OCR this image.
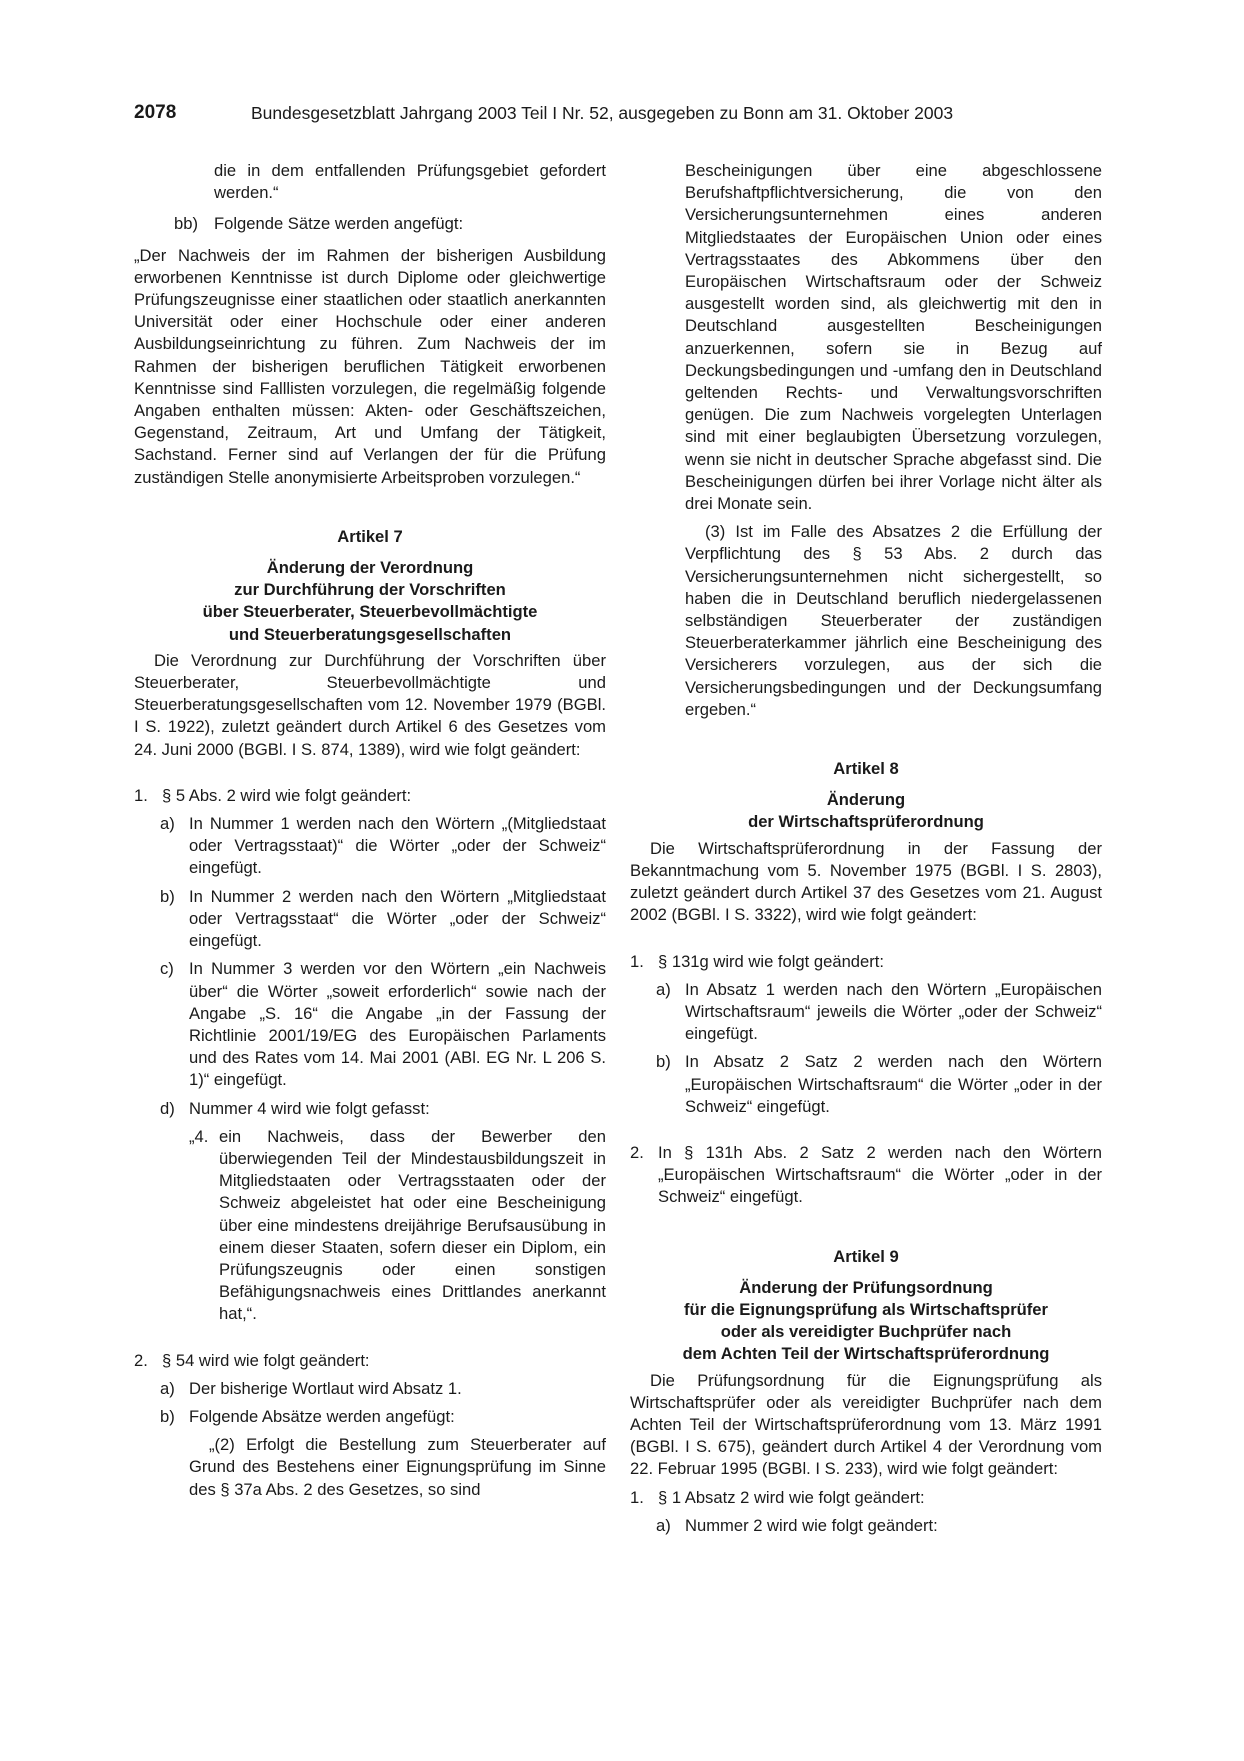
2078	Bundesgesetzblatt Jahrgang 2003 Teil I Nr. 52, ausgegeben zu Bonn am 31. Oktober 2003

die in dem entfallenden Prüfungsgebiet gefordert werden.“

bb) Folgende Sätze werden angefügt:

„Der Nachweis der im Rahmen der bisherigen Ausbildung erworbenen Kenntnisse ist durch Diplome oder gleichwertige Prüfungszeugnisse einer staatlichen oder staatlich anerkannten Universität oder einer Hochschule oder einer anderen Ausbildungseinrichtung zu führen. Zum Nachweis der im Rahmen der bisherigen beruflichen Tätigkeit erworbenen Kenntnisse sind Falllisten vorzulegen, die regelmäßig folgende Angaben enthalten müssen: Akten- oder Geschäftszeichen, Gegenstand, Zeitraum, Art und Umfang der Tätigkeit, Sachstand. Ferner sind auf Verlangen der für die Prüfung zuständigen Stelle anonymisierte Arbeitsproben vorzulegen.“

Artikel 7

Änderung der Verordnung

zur Durchführung der Vorschriften

über Steuerberater, Steuerbevollmächtigte

und Steuerberatungsgesellschaften

Die Verordnung zur Durchführung der Vorschriften über Steuerberater, Steuerbevollmächtigte und Steuerberatungsgesellschaften vom 12. November 1979 (BGBl. I S. 1922), zuletzt geändert durch Artikel 6 des Gesetzes vom 24. Juni 2000 (BGBl. I S. 874, 1389), wird wie folgt geändert:

1. § 5 Abs. 2 wird wie folgt geändert:

a) In Nummer 1 werden nach den Wörtern „(Mitgliedstaat oder Vertragsstaat)“ die Wörter „oder der Schweiz“ eingefügt.

b) In Nummer 2 werden nach den Wörtern „Mitgliedstaat oder Vertragsstaat“ die Wörter „oder der Schweiz“ eingefügt.

c) In Nummer 3 werden vor den Wörtern „ein Nachweis über“ die Wörter „soweit erforderlich“ sowie nach der Angabe „S. 16“ die Angabe „in der Fassung der Richtlinie 2001/19/EG des Europäischen Parlaments und des Rates vom 14. Mai 2001 (ABl. EG Nr. L 206 S. 1)“ eingefügt.

d) Nummer 4 wird wie folgt gefasst:

„4. ein Nachweis, dass der Bewerber den überwiegenden Teil der Mindestausbildungszeit in Mitgliedstaaten oder Vertragsstaaten oder der Schweiz abgeleistet hat oder eine Bescheinigung über eine mindestens dreijährige Berufsausübung in einem dieser Staaten, sofern dieser ein Diplom, ein Prüfungszeugnis oder einen sonstigen Befähigungsnachweis eines Drittlandes anerkannt hat,“.

2. § 54 wird wie folgt geändert:

a) Der bisherige Wortlaut wird Absatz 1.

b) Folgende Absätze werden angefügt:

„(2) Erfolgt die Bestellung zum Steuerberater auf Grund des Bestehens einer Eignungsprüfung im Sinne des § 37a Abs. 2 des Gesetzes, so sind

Bescheinigungen über eine abgeschlossene Berufshaftpflichtversicherung, die von den Versicherungsunternehmen eines anderen Mitgliedstaates der Europäischen Union oder eines Vertragsstaates des Abkommens über den Europäischen Wirtschaftsraum oder der Schweiz ausgestellt worden sind, als gleichwertig mit den in Deutschland ausgestellten Bescheinigungen anzuerkennen, sofern sie in Bezug auf Deckungsbedingungen und -umfang den in Deutschland geltenden Rechts- und Verwaltungsvorschriften genügen. Die zum Nachweis vorgelegten Unterlagen sind mit einer beglaubigten Übersetzung vorzulegen, wenn sie nicht in deutscher Sprache abgefasst sind. Die Bescheinigungen dürfen bei ihrer Vorlage nicht älter als drei Monate sein.

(3) Ist im Falle des Absatzes 2 die Erfüllung der Verpflichtung des § 53 Abs. 2 durch das Versicherungsunternehmen nicht sichergestellt, so haben die in Deutschland beruflich niedergelassenen selbständigen Steuerberater der zuständigen Steuerberaterkammer jährlich eine Bescheinigung des Versicherers vorzulegen, aus der sich die Versicherungsbedingungen und der Deckungsumfang ergeben.“

Artikel 8

Änderung

der Wirtschaftsprüferordnung

Die Wirtschaftsprüferordnung in der Fassung der Bekanntmachung vom 5. November 1975 (BGBl. I S. 2803), zuletzt geändert durch Artikel 37 des Gesetzes vom 21. August 2002 (BGBl. I S. 3322), wird wie folgt geändert:

1. § 131g wird wie folgt geändert:

a) In Absatz 1 werden nach den Wörtern „Europäischen Wirtschaftsraum“ jeweils die Wörter „oder der Schweiz“ eingefügt.

b) In Absatz 2 Satz 2 werden nach den Wörtern „Europäischen Wirtschaftsraum“ die Wörter „oder in der Schweiz“ eingefügt.

2. In § 131h Abs. 2 Satz 2 werden nach den Wörtern „Europäischen Wirtschaftsraum“ die Wörter „oder in der Schweiz“ eingefügt.

Artikel 9

Änderung der Prüfungsordnung

für die Eignungsprüfung als Wirtschaftsprüfer

oder als vereidigter Buchprüfer nach

dem Achten Teil der Wirtschaftsprüferordnung

Die Prüfungsordnung für die Eignungsprüfung als Wirtschaftsprüfer oder als vereidigter Buchprüfer nach dem Achten Teil der Wirtschaftsprüferordnung vom 13. März 1991 (BGBl. I S. 675), geändert durch Artikel 4 der Verordnung vom 22. Februar 1995 (BGBl. I S. 233), wird wie folgt geändert:

1. § 1 Absatz 2 wird wie folgt geändert:

a) Nummer 2 wird wie folgt geändert:
